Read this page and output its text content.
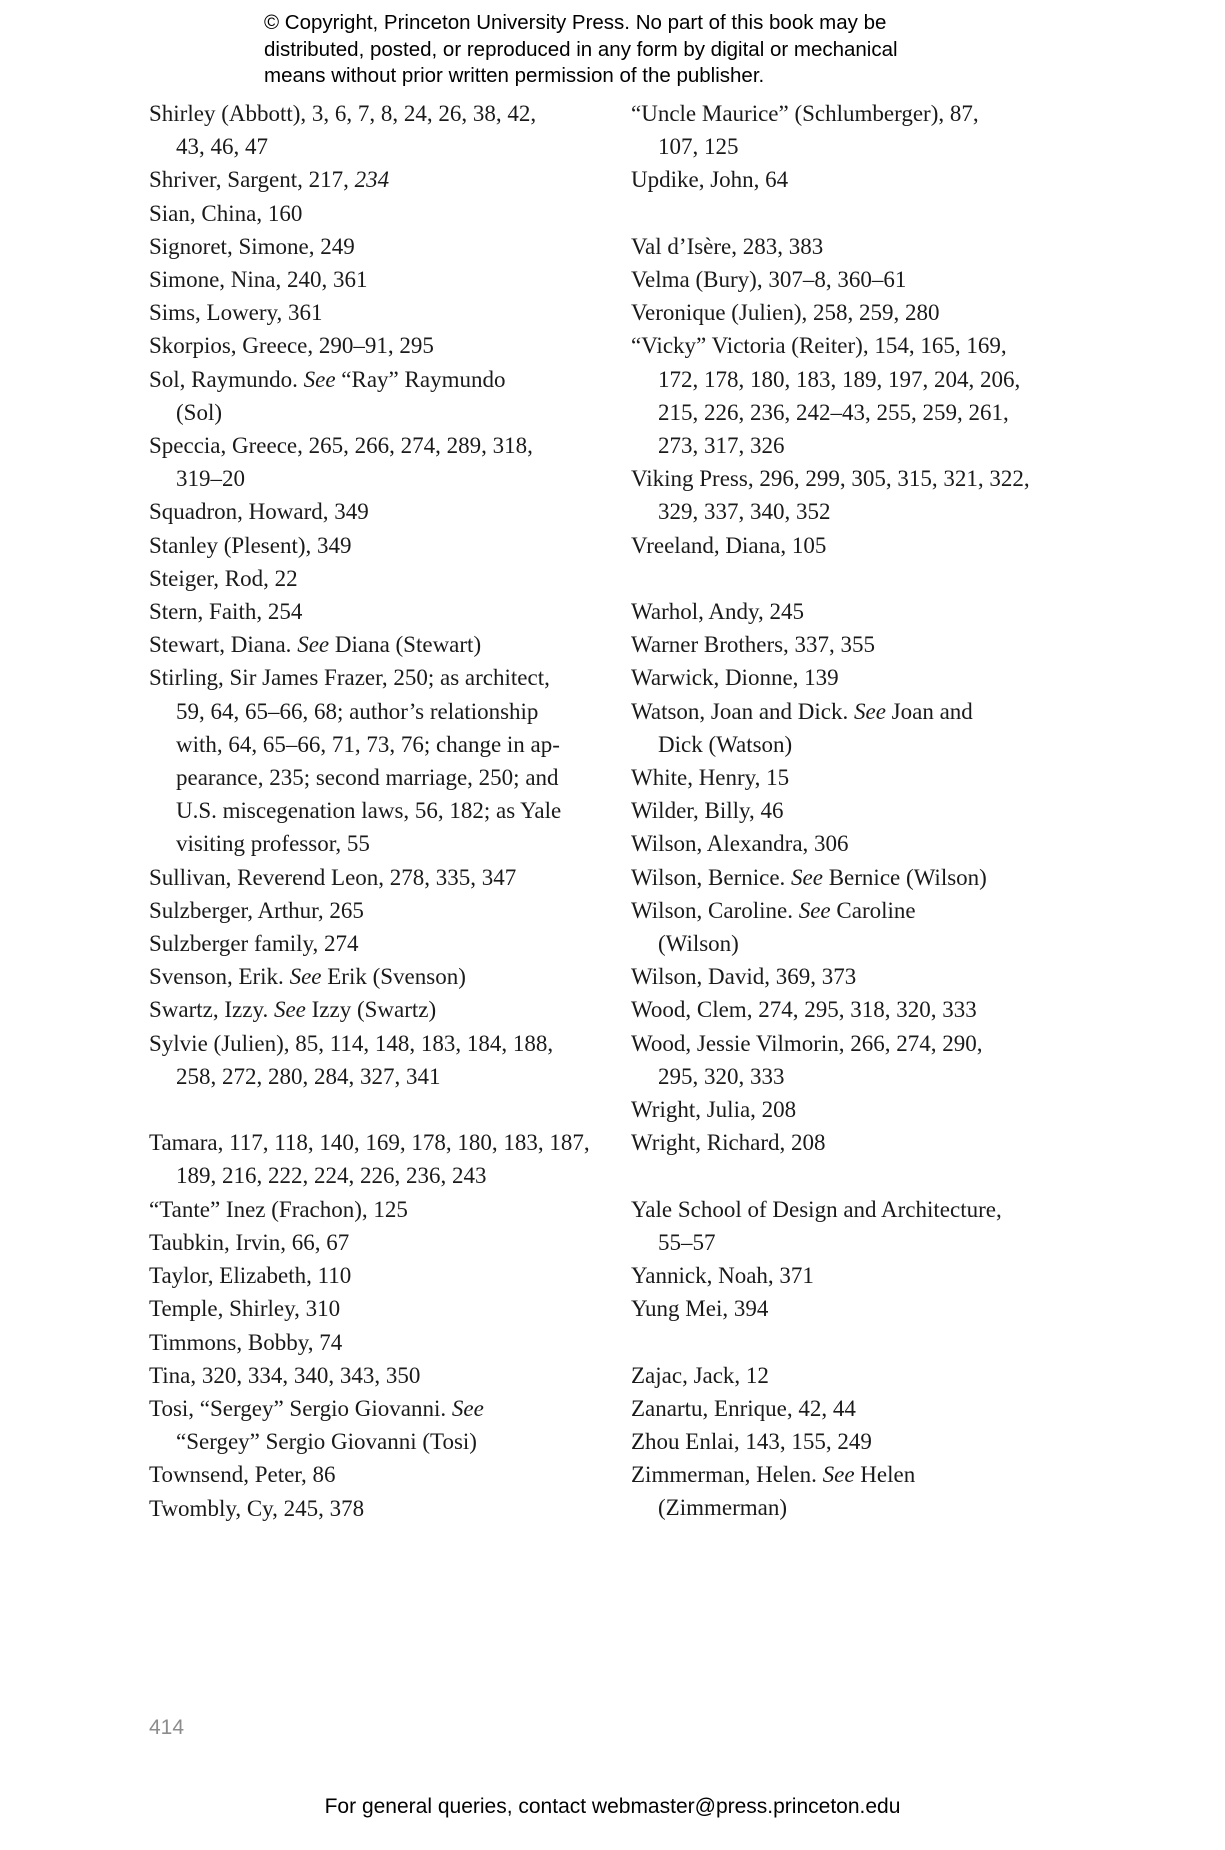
© Copyright, Princeton University Press. No part of this book may be
distributed, posted, or reproduced in any form by digital or mechanical
means without prior written permission of the publisher.
Shirley (Abbott), 3, 6, 7, 8, 24, 26, 38, 42,
43, 46, 47
Shriver, Sargent, 217, 234
Sian, China, 160
Signoret, Simone, 249
Simone, Nina, 240, 361
Sims, Lowery, 361
Skorpios, Greece, 290–91, 295
Sol, Raymundo. See “Ray” Raymundo
(Sol)
Speccia, Greece, 265, 266, 274, 289, 318,
319–20
Squadron, Howard, 349
Stanley (Plesent), 349
Steiger, Rod, 22
Stern, Faith, 254
Stewart, Diana. See Diana (Stewart)
Stirling, Sir James Frazer, 250; as architect,
59, 64, 65–66, 68; author’s relationship
with, 64, 65–66, 71, 73, 76; change in ap-
pearance, 235; second marriage, 250; and
U.S. miscegenation laws, 56, 182; as Yale
visiting professor, 55
Sullivan, Reverend Leon, 278, 335, 347
Sulzberger, Arthur, 265
Sulzberger family, 274
Svenson, Erik. See Erik (Svenson)
Swartz, Izzy. See Izzy (Swartz)
Sylvie (Julien), 85, 114, 148, 183, 184, 188,
258, 272, 280, 284, 327, 341
Tamara, 117, 118, 140, 169, 178, 180, 183, 187,
189, 216, 222, 224, 226, 236, 243
“Tante” Inez (Frachon), 125
Taubkin, Irvin, 66, 67
Taylor, Elizabeth, 110
Temple, Shirley, 310
Timmons, Bobby, 74
Tina, 320, 334, 340, 343, 350
Tosi, “Sergey” Sergio Giovanni. See
“Sergey” Sergio Giovanni (Tosi)
Townsend, Peter, 86
Twombly, Cy, 245, 378
“Uncle Maurice” (Schlumberger), 87,
107, 125
Updike, John, 64
Val d’Isère, 283, 383
Velma (Bury), 307–8, 360–61
Veronique (Julien), 258, 259, 280
“Vicky” Victoria (Reiter), 154, 165, 169,
172, 178, 180, 183, 189, 197, 204, 206,
215, 226, 236, 242–43, 255, 259, 261,
273, 317, 326
Viking Press, 296, 299, 305, 315, 321, 322,
329, 337, 340, 352
Vreeland, Diana, 105
Warhol, Andy, 245
Warner Brothers, 337, 355
Warwick, Dionne, 139
Watson, Joan and Dick. See Joan and
Dick (Watson)
White, Henry, 15
Wilder, Billy, 46
Wilson, Alexandra, 306
Wilson, Bernice. See Bernice (Wilson)
Wilson, Caroline. See Caroline
(Wilson)
Wilson, David, 369, 373
Wood, Clem, 274, 295, 318, 320, 333
Wood, Jessie Vilmorin, 266, 274, 290,
295, 320, 333
Wright, Julia, 208
Wright, Richard, 208
Yale School of Design and Architecture,
55–57
Yannick, Noah, 371
Yung Mei, 394
Zajac, Jack, 12
Zanartu, Enrique, 42, 44
Zhou Enlai, 143, 155, 249
Zimmerman, Helen. See Helen
(Zimmerman)
414
For general queries, contact webmaster@press.princeton.edu
